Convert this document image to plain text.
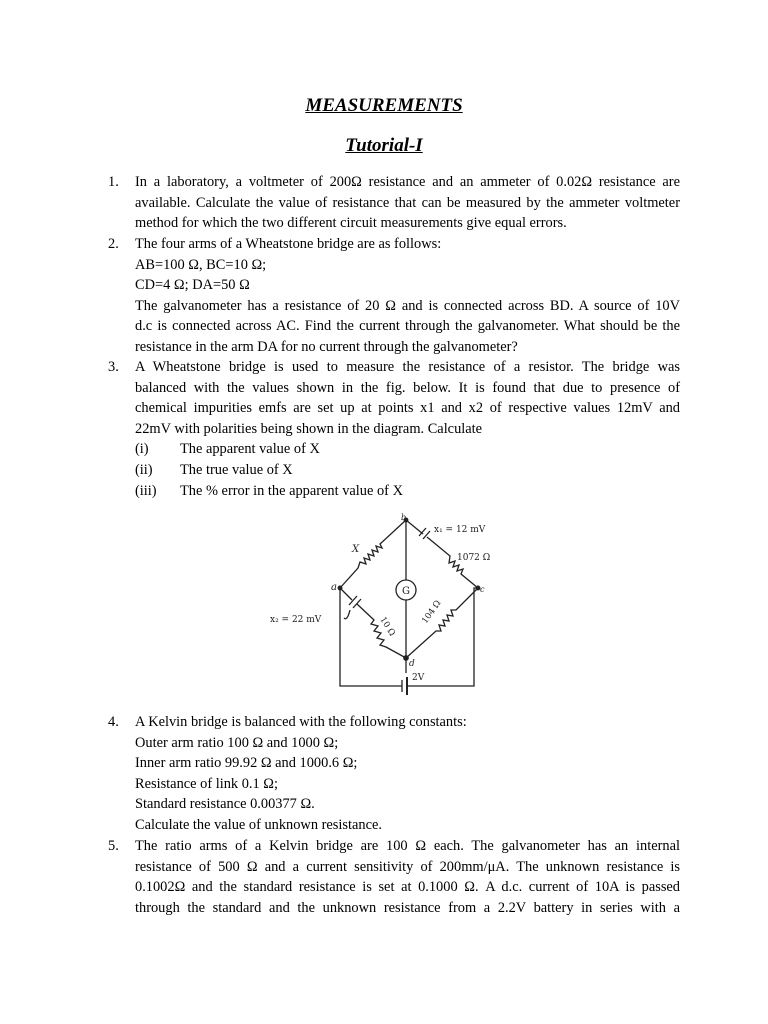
MEASUREMENTS
Tutorial-I
1.	In a laboratory, a voltmeter of 200Ω resistance and an ammeter of 0.02Ω resistance are

available. Calculate the value of resistance that can be measured by the ammeter voltmeter

method for which the two different circuit measurements give equal errors.

2.	The four arms of a Wheatstone bridge are as follows:

AB=100 Ω, BC=10 Ω;

CD=4 Ω; DA=50 Ω

The galvanometer has a resistance of 20 Ω and is connected across BD. A source of 10V

d.c is connected across AC. Find the current through the galvanometer. What should be the

resistance in the arm DA for no current through the galvanometer?

3.	A Wheatstone bridge is used to measure the resistance of a resistor. The bridge was

balanced with the values shown in the fig. below. It is found that due to presence of

chemical impurities emfs are set up at points x1 and x2 of respective values 12mV and

22mV with polarities being shown in the diagram. Calculate

(i) The apparent value of X
(ii) The true value of X
(iii) The % error in the apparent value of X
a
b
c
d
X
x₁ = 12 mV
x₂ = 22 mV
1072 Ω
10 Ω
104 Ω
G
2V
4.	A Kelvin bridge is balanced with the following constants:

Outer arm ratio 100 Ω and 1000 Ω;

Inner arm ratio 99.92 Ω and 1000.6 Ω;

Resistance of link 0.1 Ω;

Standard resistance 0.00377 Ω.

Calculate the value of unknown resistance.

5.	The ratio arms of a Kelvin bridge are 100 Ω each. The galvanometer has an internal

resistance of 500 Ω and a current sensitivity of 200mm/μA. The unknown resistance is

0.1002Ω and the standard resistance is set at 0.1000 Ω. A d.c. current of 10A is passed

through the standard and the unknown resistance from a 2.2V battery in series with a
